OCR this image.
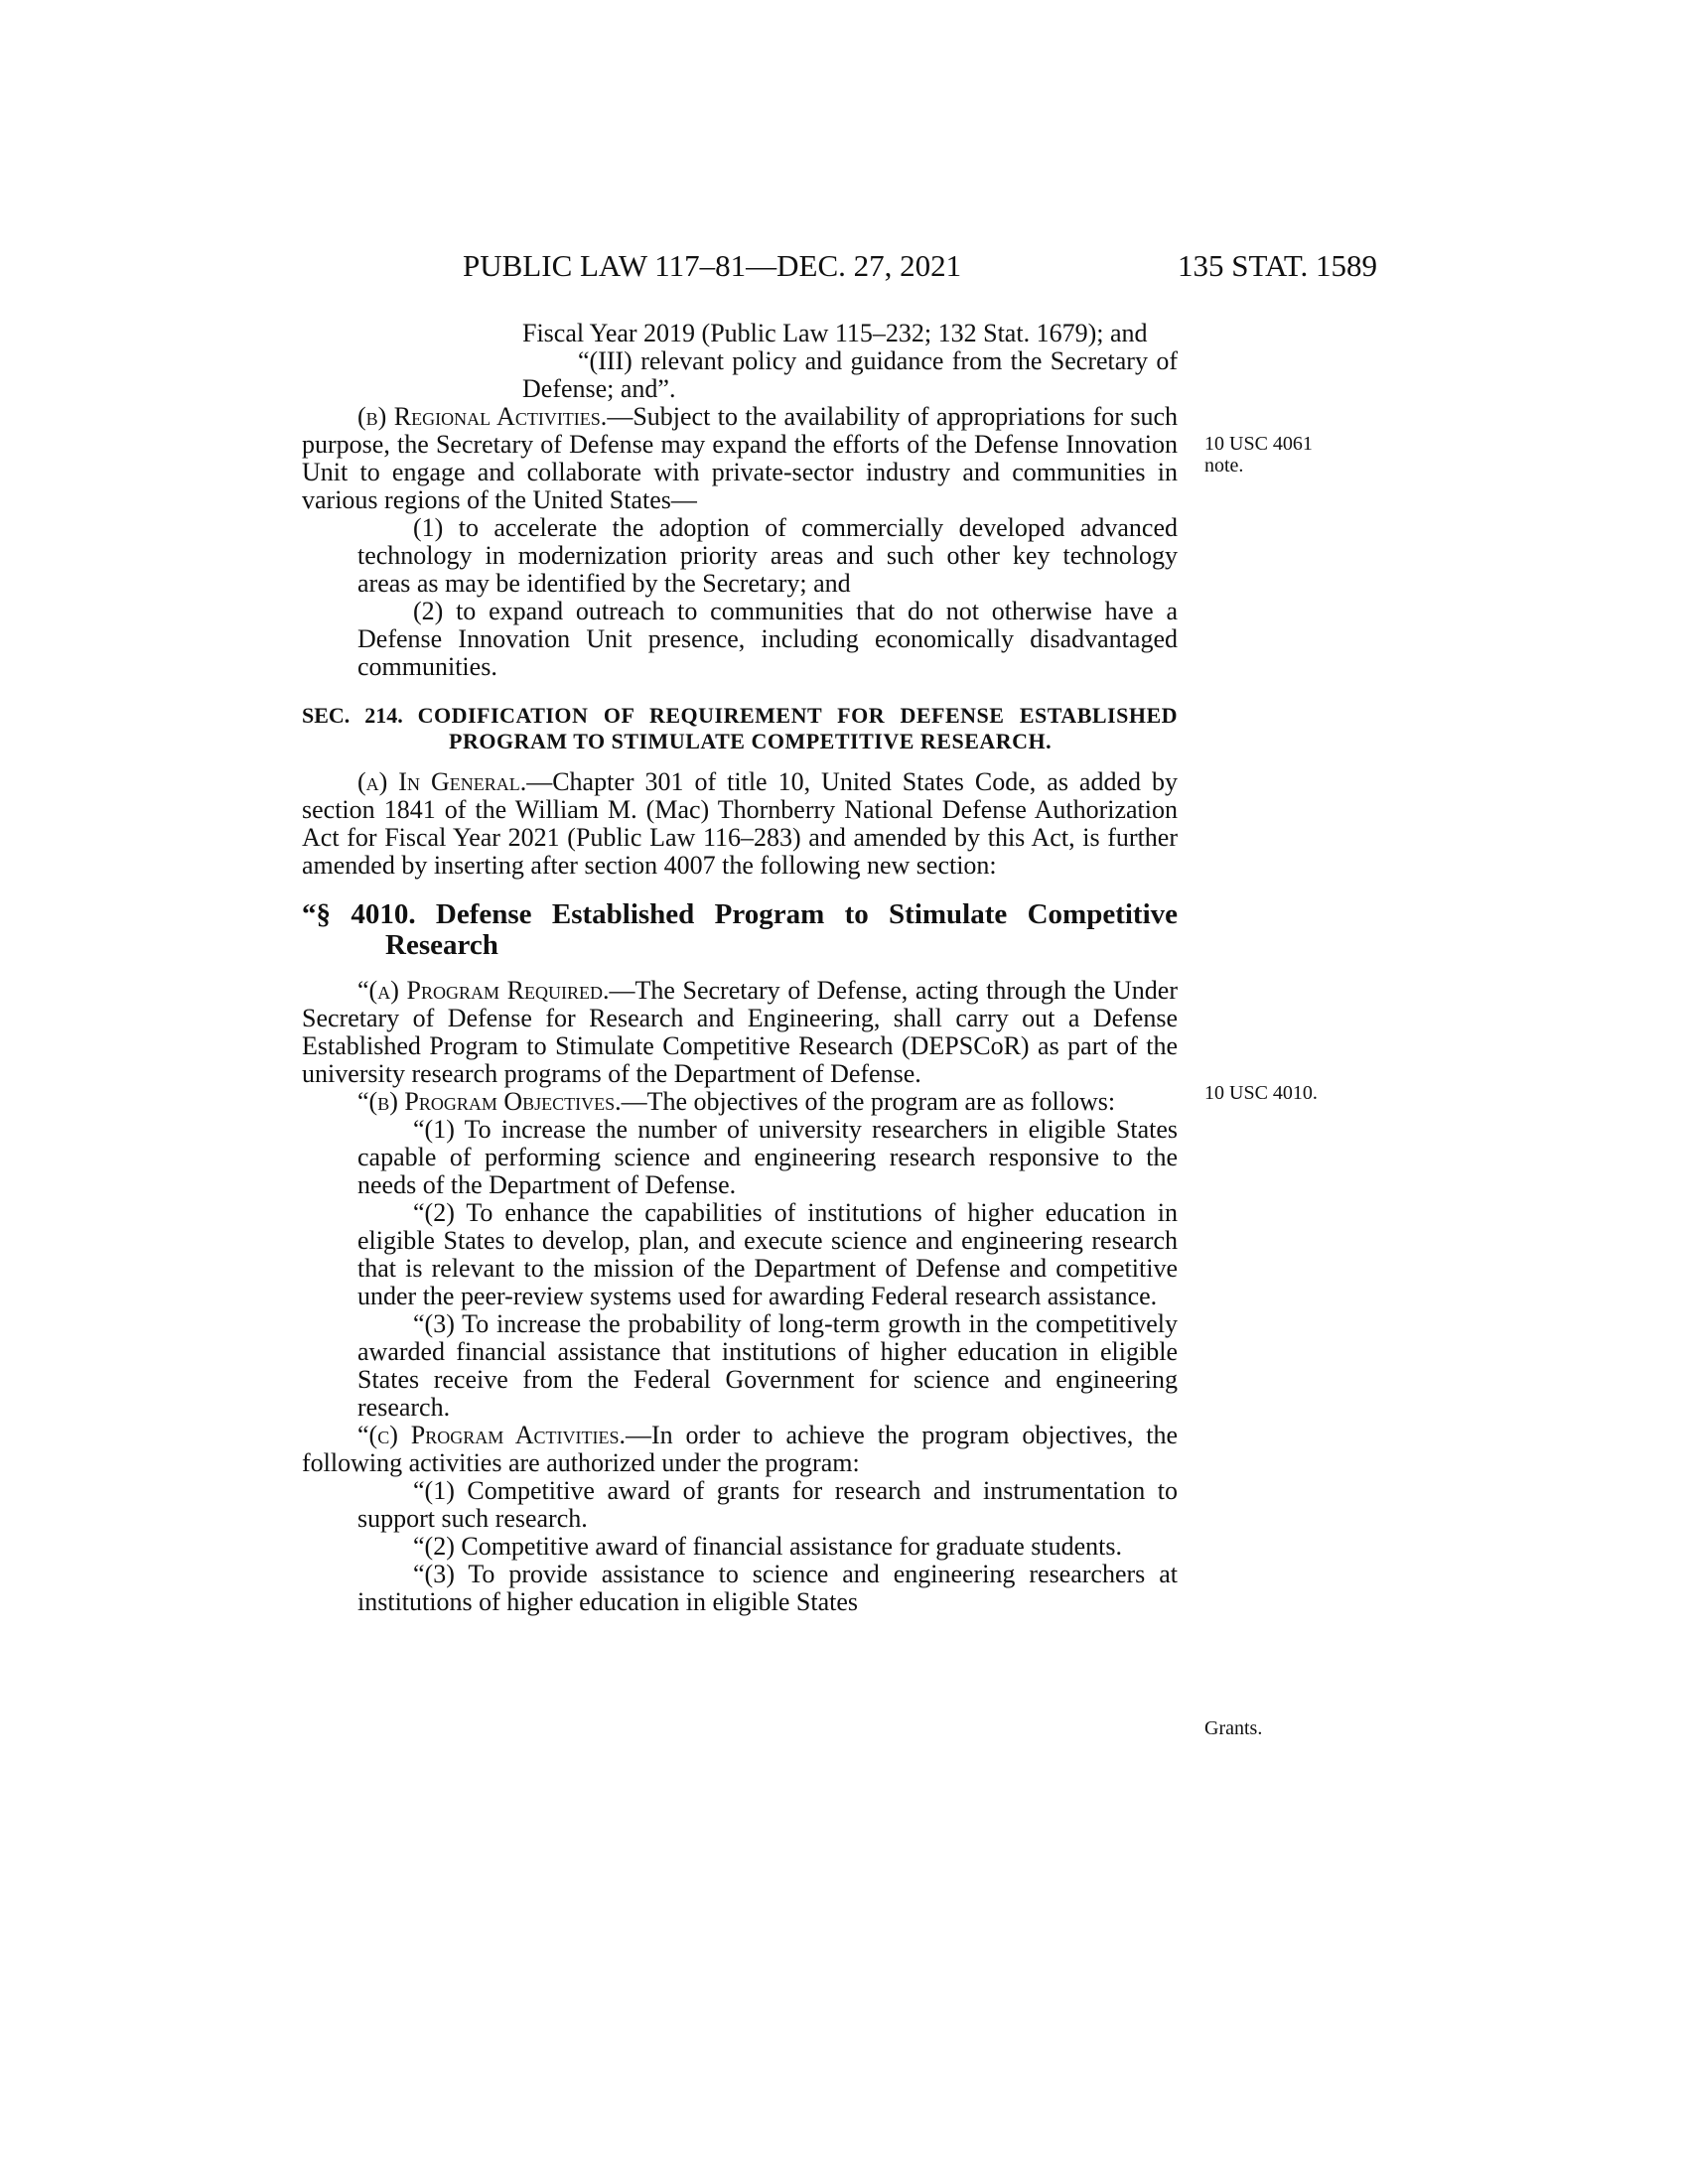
PUBLIC LAW 117–81—DEC. 27, 2021	135 STAT. 1589

Fiscal Year 2019 (Public Law 115–232; 132 Stat. 1679); and

“(III) relevant policy and guidance from the Secretary of Defense; and”.

(b) Regional Activities.—Subject to the availability of appropriations for such purpose, the Secretary of Defense may expand the efforts of the Defense Innovation Unit to engage and collaborate with private-sector industry and communities in various regions of the United States—

(1) to accelerate the adoption of commercially developed advanced technology in modernization priority areas and such other key technology areas as may be identified by the Secretary; and

(2) to expand outreach to communities that do not otherwise have a Defense Innovation Unit presence, including economically disadvantaged communities.

SEC. 214. CODIFICATION OF REQUIREMENT FOR DEFENSE ESTABLISHED PROGRAM TO STIMULATE COMPETITIVE RESEARCH.

(a) In General.—Chapter 301 of title 10, United States Code, as added by section 1841 of the William M. (Mac) Thornberry National Defense Authorization Act for Fiscal Year 2021 (Public Law 116–283) and amended by this Act, is further amended by inserting after section 4007 the following new section:

“§ 4010. Defense Established Program to Stimulate Competitive Research

“(a) Program Required.—The Secretary of Defense, acting through the Under Secretary of Defense for Research and Engineering, shall carry out a Defense Established Program to Stimulate Competitive Research (DEPSCoR) as part of the university research programs of the Department of Defense.

“(b) Program Objectives.—The objectives of the program are as follows:

“(1) To increase the number of university researchers in eligible States capable of performing science and engineering research responsive to the needs of the Department of Defense.

“(2) To enhance the capabilities of institutions of higher education in eligible States to develop, plan, and execute science and engineering research that is relevant to the mission of the Department of Defense and competitive under the peer-review systems used for awarding Federal research assistance.

“(3) To increase the probability of long-term growth in the competitively awarded financial assistance that institutions of higher education in eligible States receive from the Federal Government for science and engineering research.

“(c) Program Activities.—In order to achieve the program objectives, the following activities are authorized under the program:

“(1) Competitive award of grants for research and instrumentation to support such research.

“(2) Competitive award of financial assistance for graduate students.

“(3) To provide assistance to science and engineering researchers at institutions of higher education in eligible States

10 USC 4061
note.
10 USC 4010.
Grants.
